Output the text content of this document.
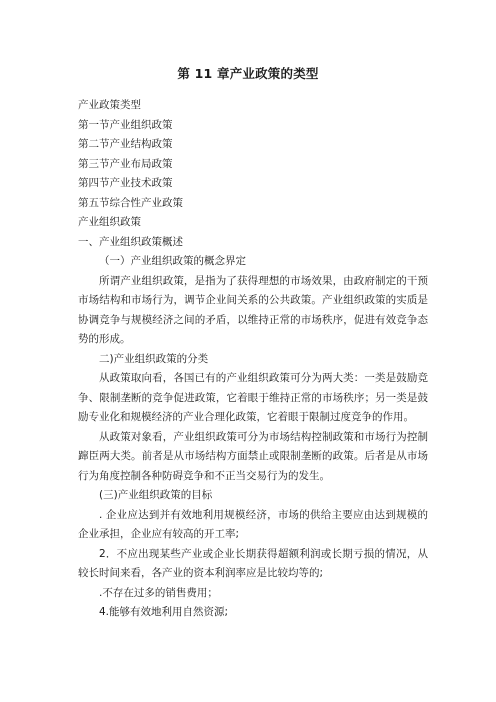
第 11 章产业政策的类型

产业政策类型

第一节产业组织政策

第二节产业结构政策

第三节产业布局政策

第四节产业技术政策

第五节综合性产业政策

产业组织政策

一、产业组织政策概述

（一）产业组织政策的概念界定

所谓产业组织政策，是指为了获得理想的市场效果，由政府制定的干预市场结构和市场行为，调节企业间关系的公共政策。产业组织政策的实质是协调竞争与规模经济之间的矛盾，以维持正常的市场秩序，促进有效竞争态势的形成。

二)产业组织政策的分类

从政策取向看，各国已有的产业组织政策可分为两大类：一类是鼓励竞争、限制垄断的竞争促进政策，它着眼于维持正常的市场秩序；另一类是鼓励专业化和规模经济的产业合理化政策，它着眼于限制过度竞争的作用。

从政策对象看，产业组织政策可分为市场结构控制政策和市场行为控制蹿臣两大类。前者是从市场结构方面禁止或限制垄断的政策。后者是从市场行为角度控制各种防碍竞争和不正当交易行为的发生。

(三)产业组织政策的目标

. 企业应达到并有效地利用规模经济，市场的供给主要应由达到规模的企业承担，企业应有较高的开工率;

2．不应出现某些产业或企业长期获得超额利润或长期亏损的情况，从较长时间来看，各产业的资本利润率应是比较均等的;

.不存在过多的销售费用；

4.能够有效地利用自然资源;
